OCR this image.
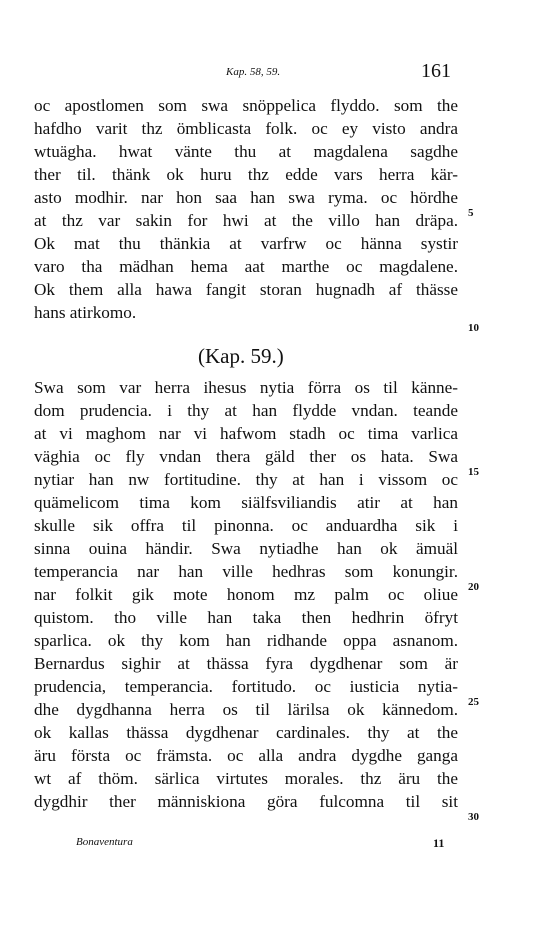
Kap. 58, 59.	161
oc apostlomen som swa snöppelica flyddo. som the
hafdho varit thz ömblicasta folk. oc ey visto andra
wtuägha. hwat vänte thu at magdalena sagdhe
ther til. thänk ok huru thz edde vars herra kär-
asto modhir. nar hon saa han swa ryma. oc hördhe
at thz var sakin for hwi at the villo han dräpa.
Ok mat thu thänkia at varfrw oc hänna systir
varo tha mädhan hema aat marthe oc magdalene.
Ok them alla hawa fangit storan hugnadh af thässe
hans atirkomo.
(Kap. 59.)
Swa som var herra ihesus nytia förra os til känne-
dom prudencia. i thy at han flydde vndan. teande
at vi maghom nar vi hafwom stadh oc tima varlica
väghia oc fly vndan thera gäld ther os hata. Swa
nytiar han nw fortitudine. thy at han i vissom oc
quämelicom tima kom siälfsviliandis atir at han
skulle sik offra til pinonna. oc anduardha sik i
sinna ouina händir. Swa nytiadhe han ok ämuäl
temperancia nar han ville hedhras som konungir.
nar folkit gik mote honom mz palm oc oliue
quistom. tho ville han taka then hedhrin öfryt
sparlica. ok thy kom han ridhande oppa asnanom.
Bernardus sighir at thässa fyra dygdhenar som är
prudencia, temperancia. fortitudo. oc iusticia nytia-
dhe dygdhanna herra os til lärilsa ok kännedom.
ok kallas thässa dygdhenar cardinales. thy at the
äru första oc främsta. oc alla andra dygdhe ganga
wt af thöm. särlica virtutes morales. thz äru the
dygdhir ther människiona göra fulcomna til sit
5
10
15
20
25
30
Bonaventura	11
